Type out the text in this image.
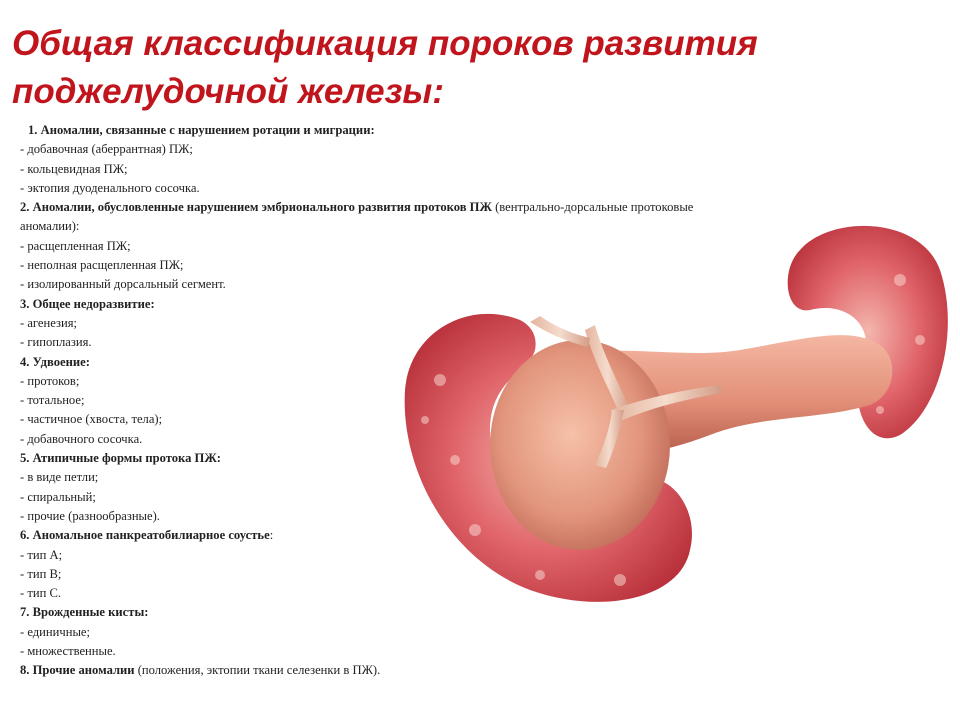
Общая классификация пороков развития
поджелудочной железы:
1. Аномалии, связанные с нарушением ротации и миграции:
- добавочная (аберрантная) ПЖ;
- кольцевидная ПЖ;
- эктопия дуоденального сосочка.
2. Аномалии, обусловленные нарушением эмбрионального развития протоков ПЖ (вентрально-дорсальные протоковые
аномалии):
- расщепленная ПЖ;
- неполная расщепленная ПЖ;
- изолированный дорсальный сегмент.
3. Общее недоразвитие:
- агенезия;
- гипоплазия.
4. Удвоение:
- протоков;
- тотальное;
- частичное (хвоста, тела);
- добавочного сосочка.
5. Атипичные формы протока ПЖ:
- в виде петли;
- спиральный;
- прочие (разнообразные).
6. Аномальное панкреатобилиарное соустье:
- тип А;
- тип В;
- тип С.
7. Врожденные кисты:
- единичные;
- множественные.
8. Прочие аномалии (положения, эктопии ткани селезенки в ПЖ).
